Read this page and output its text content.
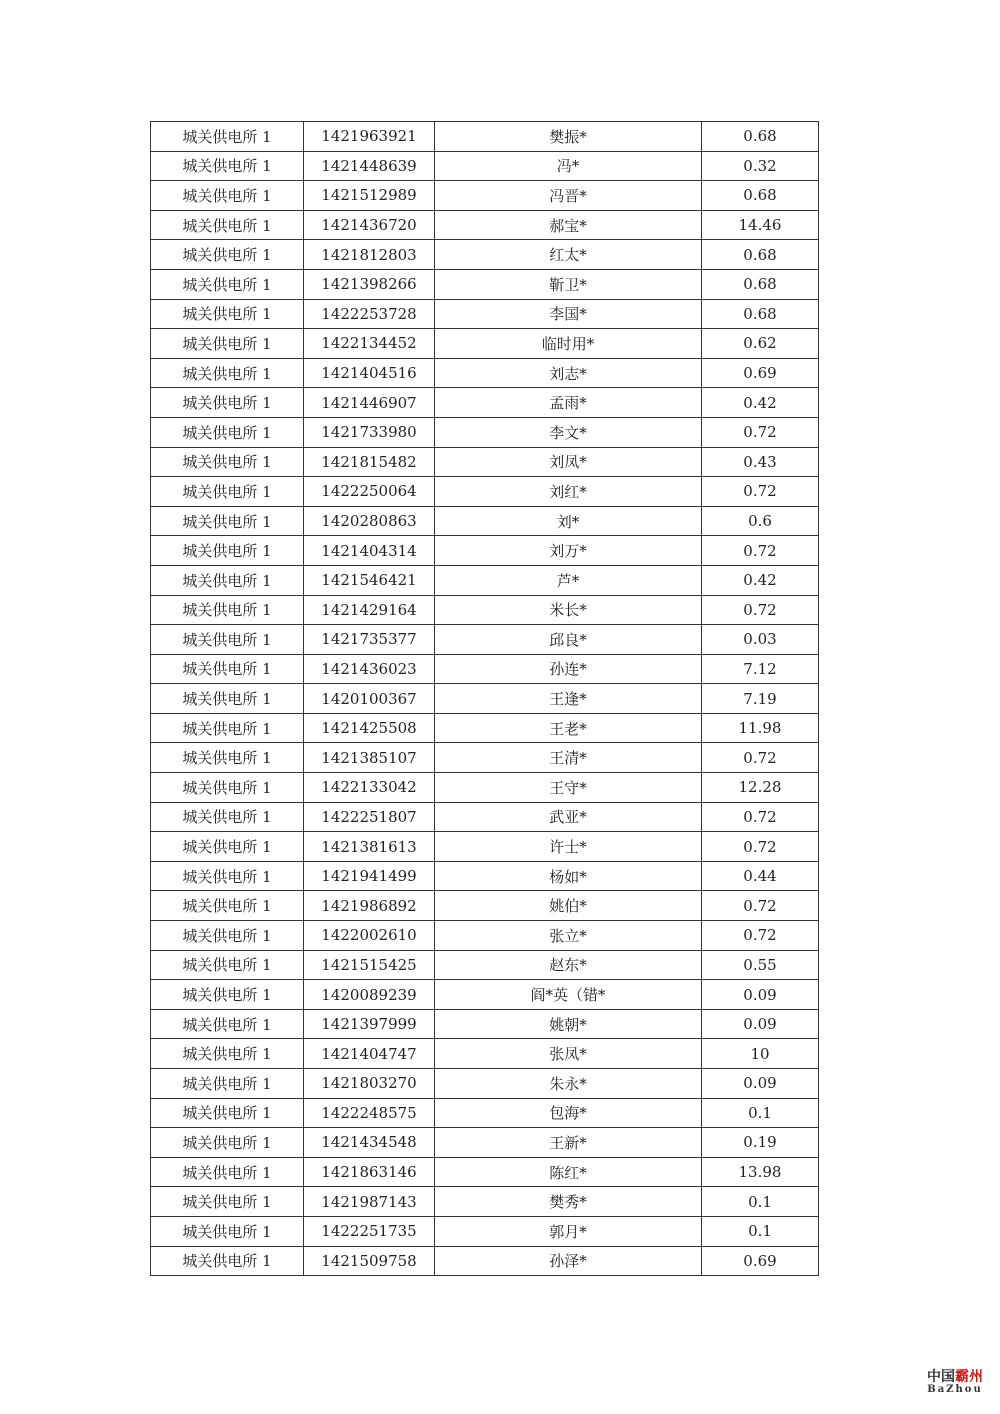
城关供电所 1	1421963921	樊振*	0.68
城关供电所 1	1421448639	冯*	0.32
城关供电所 1	1421512989	冯晋*	0.68
城关供电所 1	1421436720	郝宝*	14.46
城关供电所 1	1421812803	红太*	0.68
城关供电所 1	1421398266	靳卫*	0.68
城关供电所 1	1422253728	李国*	0.68
城关供电所 1	1422134452	临时用*	0.62
城关供电所 1	1421404516	刘志*	0.69
城关供电所 1	1421446907	孟雨*	0.42
城关供电所 1	1421733980	李文*	0.72
城关供电所 1	1421815482	刘凤*	0.43
城关供电所 1	1422250064	刘红*	0.72
城关供电所 1	1420280863	刘*	0.6
城关供电所 1	1421404314	刘万*	0.72
城关供电所 1	1421546421	芦*	0.42
城关供电所 1	1421429164	米长*	0.72
城关供电所 1	1421735377	邱良*	0.03
城关供电所 1	1421436023	孙连*	7.12
城关供电所 1	1420100367	王逢*	7.19
城关供电所 1	1421425508	王老*	11.98
城关供电所 1	1421385107	王清*	0.72
城关供电所 1	1422133042	王守*	12.28
城关供电所 1	1422251807	武亚*	0.72
城关供电所 1	1421381613	许士*	0.72
城关供电所 1	1421941499	杨如*	0.44
城关供电所 1	1421986892	姚伯*	0.72
城关供电所 1	1422002610	张立*	0.72
城关供电所 1	1421515425	赵东*	0.55
城关供电所 1	1420089239	阎*英（错*	0.09
城关供电所 1	1421397999	姚朝*	0.09
城关供电所 1	1421404747	张凤*	10
城关供电所 1	1421803270	朱永*	0.09
城关供电所 1	1422248575	包海*	0.1
城关供电所 1	1421434548	王新*	0.19
城关供电所 1	1421863146	陈红*	13.98
城关供电所 1	1421987143	樊秀*	0.1
城关供电所 1	1422251735	郭月*	0.1
城关供电所 1	1421509758	孙泽*	0.69
中国霸州
BaZhou
